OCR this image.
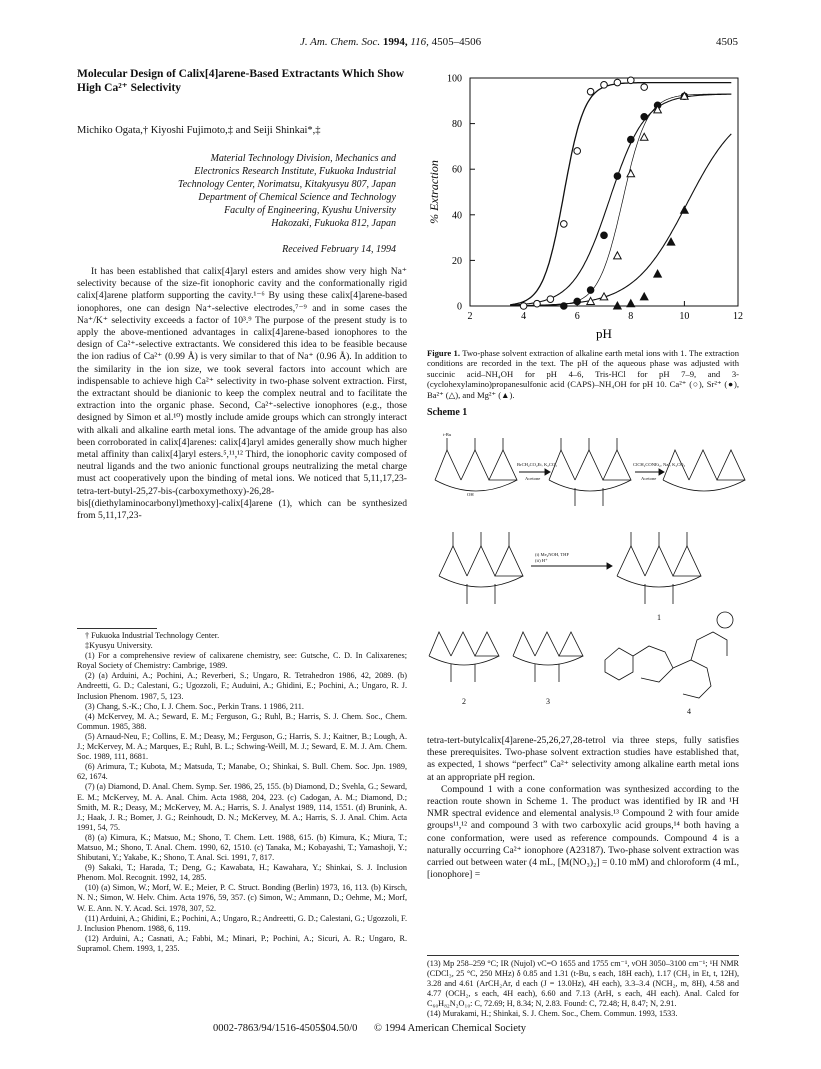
J. Am. Chem. Soc. 1994, 116, 4505–4506	4505
Molecular Design of Calix[4]arene-Based Extractants Which Show High Ca²⁺ Selectivity
Michiko Ogata,† Kiyoshi Fujimoto,‡ and Seiji Shinkai*,‡
Material Technology Division, Mechanics and
Electronics Research Institute, Fukuoka Industrial
Technology Center, Norimatsu, Kitakyusyu 807, Japan
Department of Chemical Science and Technology
Faculty of Engineering, Kyushu University
Hakozaki, Fukuoka 812, Japan
Received February 14, 1994

It has been established that calix[4]aryl esters and amides show very high Na⁺ selectivity because of the size-fit ionophoric cavity and the conformationally rigid calix[4]arene platform supporting the cavity.¹⁻⁶ By using these calix[4]arene-based ionophores, one can design Na⁺-selective electrodes,⁷⁻⁹ and in some cases the Na⁺/K⁺ selectivity exceeds a factor of 10³.⁹ The purpose of the present study is to apply the above-mentioned advantages in calix[4]arene-based ionophores to the design of Ca²⁺-selective extractants. We considered this idea to be feasible because the ion radius of Ca²⁺ (0.99 Å) is very similar to that of Na⁺ (0.96 Å). In addition to the similarity in the ion size, we took several factors into account which are indispensable to achieve high Ca²⁺ selectivity in two-phase solvent extraction. First, the extractant should be dianionic to keep the complex neutral and to facilitate the extraction into the organic phase. Second, Ca²⁺-selective ionophores (e.g., those designed by Simon et al.¹⁰) mostly include amide groups which can strongly interact with alkali and alkaline earth metal ions. The advantage of the amide group has also been corroborated in calix[4]arenes: calix[4]aryl amides generally show much higher metal affinity than calix[4]aryl esters.⁵,¹¹,¹² Third, the ionophoric cavity composed of neutral ligands and the two anionic functional groups neutralizing the metal charge must act cooperatively upon the binding of metal ions. We noticed that 5,11,17,23-tetra-tert-butyl-25,27-bis-(carboxymethoxy)-26,28-bis[(diethylaminocarbonyl)methoxy]-calix[4]arene (1), which can be synthesized from 5,11,17,23-

† Fukuoka Industrial Technology Center.
‡Kyusyu University.
(1) For a comprehensive review of calixarene chemistry, see: Gutsche, C. D. In Calixarenes; Royal Society of Chemistry: Cambrige, 1989.
(2) (a) Arduini, A.; Pochini, A.; Reverberi, S.; Ungaro, R. Tetrahedron 1986, 42, 2089. (b) Andreetti, G. D.; Calestani, G.; Ugozzoli, F.; Auduini, A.; Ghidini, E.; Pochini, A.; Ungaro, R. J. Inclusion Phenom. 1987, 5, 123.
(3) Chang, S.-K.; Cho, I. J. Chem. Soc., Perkin Trans. 1 1986, 211.
(4) McKervey, M. A.; Seward, E. M.; Ferguson, G.; Ruhl, B.; Harris, S. J. Chem. Soc., Chem. Commun. 1985, 388.
(5) Arnaud-Neu, F.; Collins, E. M.; Deasy, M.; Ferguson, G.; Harris, S. J.; Kaitner, B.; Lough, A. J.; McKervey, M. A.; Marques, E.; Ruhl, B. L.; Schwing-Weill, M. J.; Seward, E. M. J. Am. Chem. Soc. 1989, 111, 8681.
(6) Arimura, T.; Kubota, M.; Matsuda, T.; Manabe, O.; Shinkai, S. Bull. Chem. Soc. Jpn. 1989, 62, 1674.
(7) (a) Diamond, D. Anal. Chem. Symp. Ser. 1986, 25, 155. (b) Diamond, D.; Svehla, G.; Seward, E. M.; McKervey, M. A. Anal. Chim. Acta 1988, 204, 223. (c) Cadogan, A. M.; Diamond, D.; Smith, M. R.; Deasy, M.; McKervey, M. A.; Harris, S. J. Analyst 1989, 114, 1551. (d) Brunink, A. J.; Haak, J. R.; Bomer, J. G.; Reinhoudt, D. N.; McKervey, M. A.; Harris, S. J. Anal. Chim. Acta 1991, 54, 75.
(8) (a) Kimura, K.; Matsuo, M.; Shono, T. Chem. Lett. 1988, 615. (b) Kimura, K.; Miura, T.; Matsuo, M.; Shono, T. Anal. Chem. 1990, 62, 1510. (c) Tanaka, M.; Kobayashi, T.; Yamashoji, Y.; Shibutani, Y.; Yakabe, K.; Shono, T. Anal. Sci. 1991, 7, 817.
(9) Sakaki, T.; Harada, T.; Deng, G.; Kawabata, H.; Kawahara, Y.; Shinkai, S. J. Inclusion Phenom. Mol. Recognit. 1992, 14, 285.
(10) (a) Simon, W.; Morf, W. E.; Meier, P. C. Struct. Bonding (Berlin) 1973, 16, 113. (b) Kirsch, N. N.; Simon, W. Helv. Chim. Acta 1976, 59, 357. (c) Simon, W.; Ammann, D.; Oehme, M.; Morf, W. E. Ann. N. Y. Acad. Sci. 1978, 307, 52.
(11) Arduini, A.; Ghidini, E.; Pochini, A.; Ungaro, R.; Andreetti, G. D.; Calestani, G.; Ugozzoli, F. J. Inclusion Phenom. 1988, 6, 119.
(12) Arduini, A.; Casnati, A.; Fabbi, M.; Minari, P.; Pochini, A.; Sicuri, A. R.; Ungaro, R. Supramol. Chem. 1993, 1, 235.
2	4	6	8	10	12
0
20
40
60
80
100
pH
% Extraction
Figure 1. Two-phase solvent extraction of alkaline earth metal ions with 1. The extraction conditions are recorded in the text. The pH of the aqueous phase was adjusted with succinic acid–NH₄OH for pH 4–6, Tris-HCl for pH 7–9, and 3-(cyclohexylamino)propanesulfonic acid (CAPS)–NH₄OH for pH 10. Ca²⁺ (○), Sr²⁺ (●), Ba²⁺ (△), and Mg²⁺ (▲).
Scheme 1
BrCH₂CO₂Et, K₂CO₃
Acetone
ClCH₂CONEt₂, NaI, K₂CO₃
Acetone
(i) Me₄NOH, THF
(ii) H⁺
t-Bu
OH
1
2	3
4

tetra-tert-butylcalix[4]arene-25,26,27,28-tetrol via three steps, fully satisfies these prerequisites. Two-phase solvent extraction studies have established that, as expected, 1 shows “perfect” Ca²⁺ selectivity among alkaline earth metal ions at an appropriate pH region.

Compound 1 with a cone conformation was synthesized according to the reaction route shown in Scheme 1. The product was identified by IR and ¹H NMR spectral evidence and elemental analysis.¹³ Compound 2 with four amide groups¹¹,¹² and compound 3 with two carboxylic acid groups,¹⁴ both having a cone conformation, were used as reference compounds. Compound 4 is a naturally occurring Ca²⁺ ionophore (A23187). Two-phase solvent extraction was carried out between water (4 mL, [M(NO₃)₂] = 0.10 mM) and chloroform (4 mL, [ionophore] =

(13) Mp 258–259 °C; IR (Nujol) νC=O 1655 and 1755 cm⁻¹, νOH 3050–3100 cm⁻¹; ¹H NMR (CDCl₃, 25 °C, 250 MHz) δ 0.85 and 1.31 (t-Bu, s each, 18H each), 1.17 (CH₃ in Et, t, 12H), 3.28 and 4.61 (ArCH₂Ar, d each (J = 13.0Hz), 4H each), 3.3–3.4 (NCH₂, m, 8H), 4.58 and 4.77 (OCH₂, s each, 4H each), 6.60 and 7.13 (ArH, s each, 4H each). Anal. Calcd for C₆₀H₈₂N₂O₁₀: C, 72.69; H, 8.34; N, 2.83. Found: C, 72.48; H, 8.47; N, 2.91.
(14) Murakami, H.; Shinkai, S. J. Chem. Soc., Chem. Commun. 1993, 1533.
0002-7863/94/1516-4505$04.50/0 © 1994 American Chemical Society
